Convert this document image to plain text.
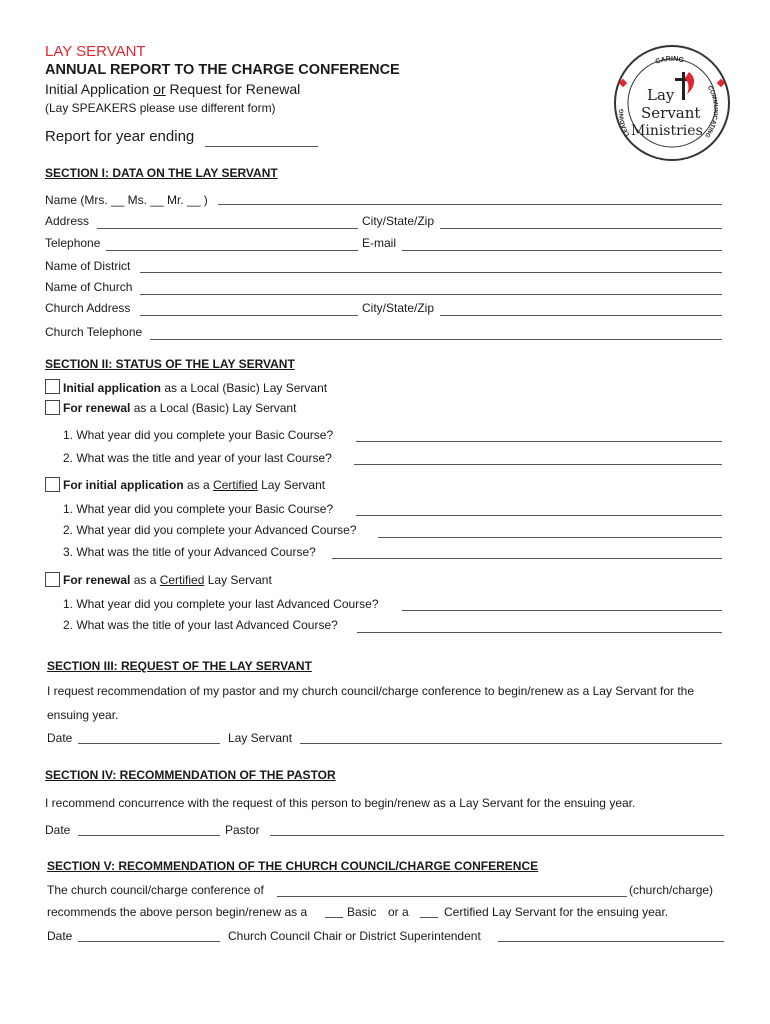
LAY SERVANT
ANNUAL REPORT TO THE CHARGE CONFERENCE
Initial Application or Request for Renewal
(Lay SPEAKERS please use different form)
Report for year ending
CARING
COMMUNICATING
LEADING
Lay
Servant
Ministries
SECTION I: DATA ON THE LAY SERVANT
Name (Mrs. __ Ms. __ Mr. __ )
Address	City/State/Zip
Telephone	E-mail
Name of District
Name of Church
Church Address	City/State/Zip
Church Telephone
SECTION II: STATUS OF THE LAY SERVANT
Initial application as a Local (Basic) Lay Servant
For renewal as a Local (Basic) Lay Servant
1. What year did you complete your Basic Course?
2. What was the title and year of your last Course?
For initial application as a Certified Lay Servant
1. What year did you complete your Basic Course?
2. What year did you complete your Advanced Course?
3. What was the title of your Advanced Course?
For renewal as a Certified Lay Servant
1. What year did you complete your last Advanced Course?
2. What was the title of your last Advanced Course?
SECTION III: REQUEST OF THE LAY SERVANT
I request recommendation of my pastor and my church council/charge conference to begin/renew as a Lay Servant for the
ensuing year.
Date	Lay Servant
SECTION IV: RECOMMENDATION OF THE PASTOR
I recommend concurrence with the request of this person to begin/renew as a Lay Servant for the ensuing year.
Date	Pastor
SECTION V: RECOMMENDATION OF THE CHURCH COUNCIL/CHARGE CONFERENCE
The church council/charge conference of	(church/charge)
recommends the above person begin/renew as a	Basic or a	Certified Lay Servant for the ensuing year.
Date	Church Council Chair or District Superintendent
